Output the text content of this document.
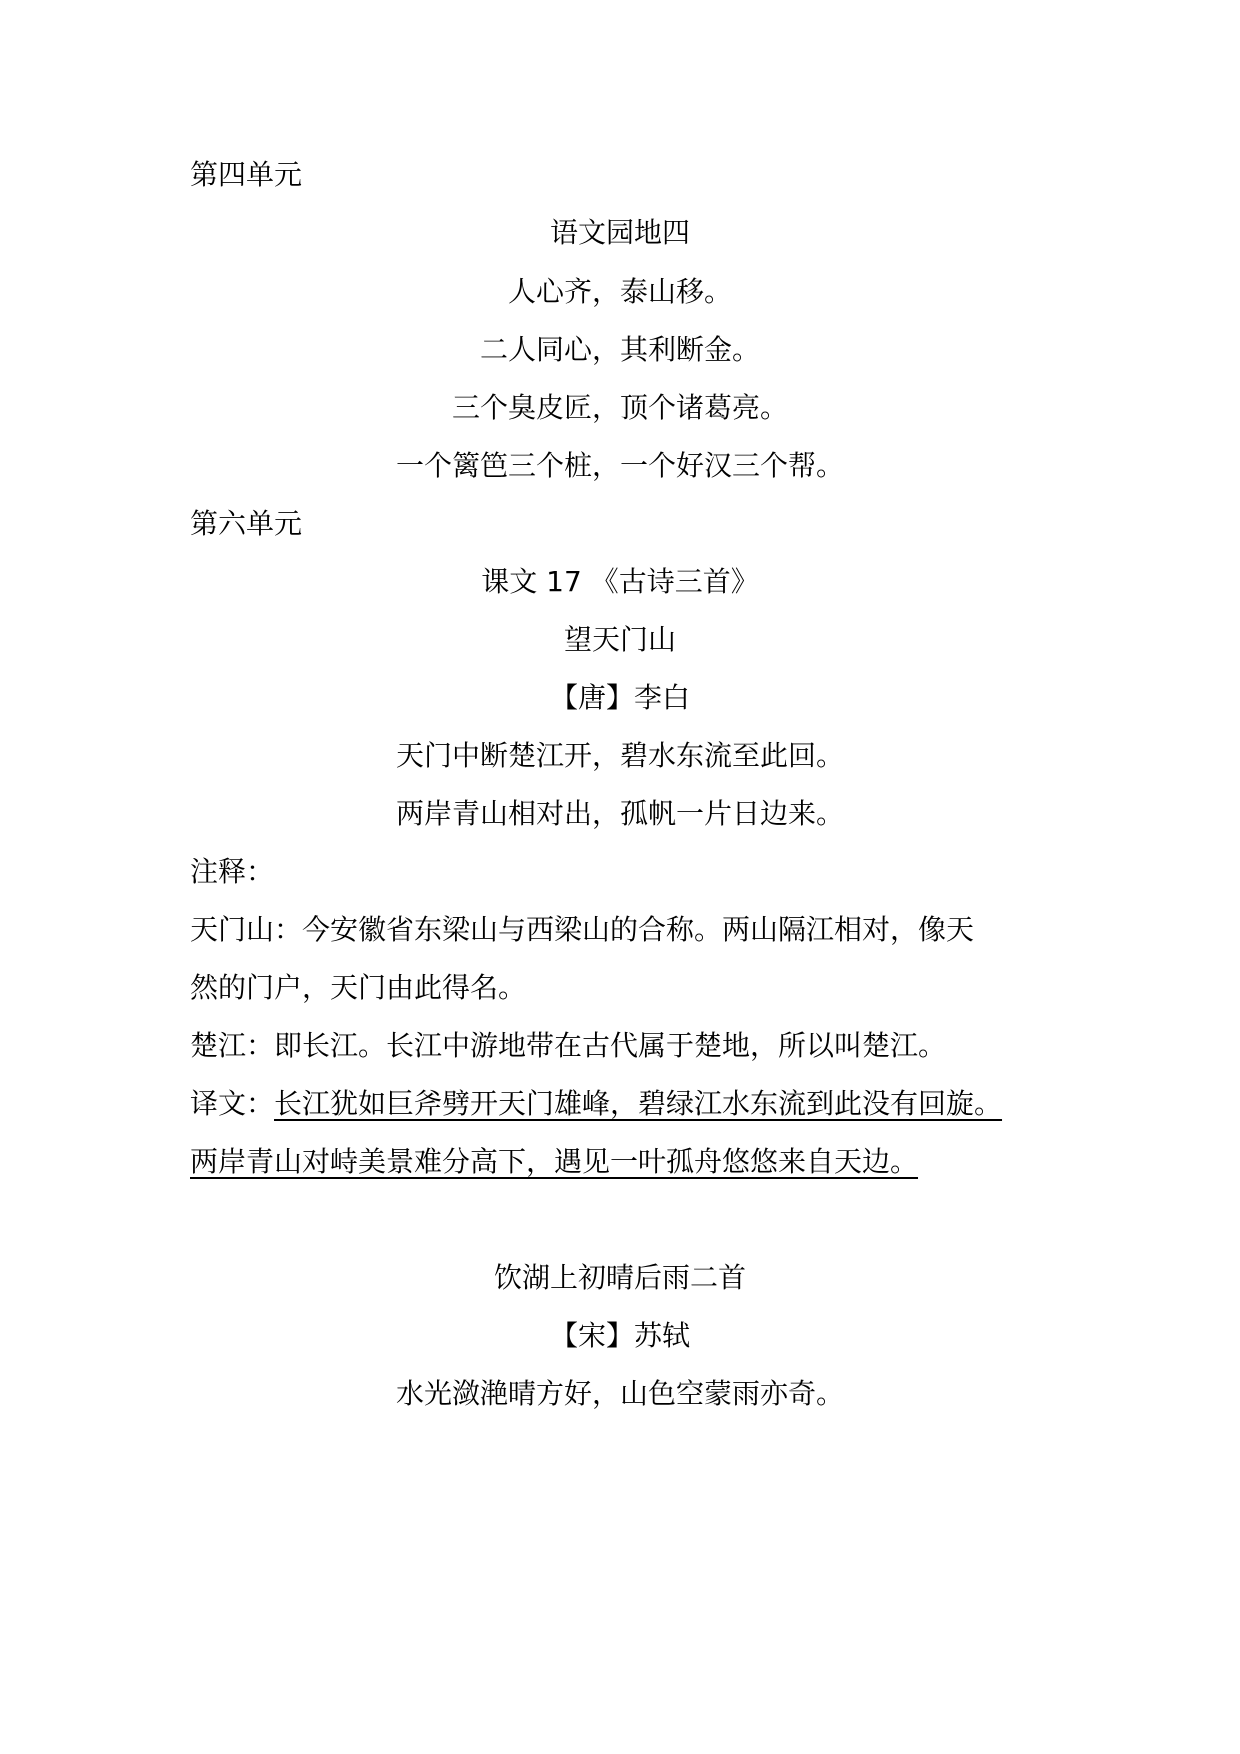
第四单元
语文园地四
人心齐，泰山移。
二人同心，其利断金。
三个臭皮匠，顶个诸葛亮。
一个篱笆三个桩，一个好汉三个帮。
第六单元
课文 17 《古诗三首》
望天门山
【唐】李白
天门中断楚江开，碧水东流至此回。
两岸青山相对出，孤帆一片日边来。
注释：
天门山：今安徽省东梁山与西梁山的合称。两山隔江相对，像天
然的门户，天门由此得名。
楚江：即长江。长江中游地带在古代属于楚地，所以叫楚江。
译文：长江犹如巨斧劈开天门雄峰，碧绿江水东流到此没有回旋。
两岸青山对峙美景难分高下，遇见一叶孤舟悠悠来自天边。
饮湖上初晴后雨二首
【宋】苏轼
水光潋滟晴方好，山色空蒙雨亦奇。
